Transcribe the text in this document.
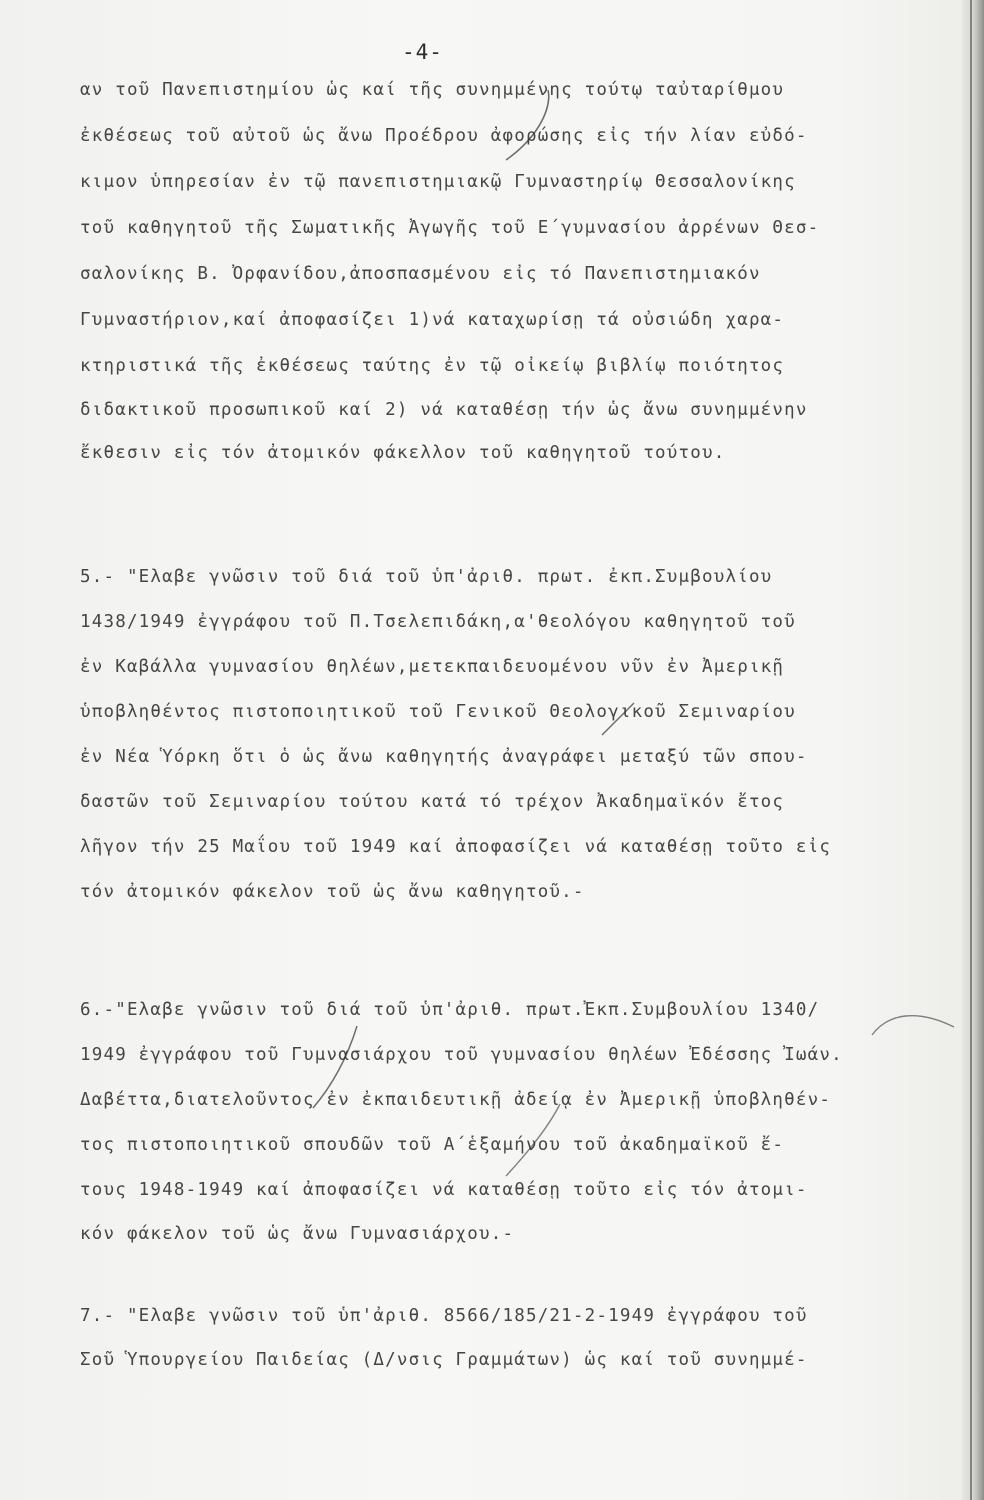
-4-
αν τοῦ Πανεπιστημίου ὡς καί τῆς συνημμένης τούτῳ ταὐταρίθμου
ἐκθέσεως τοῦ αὐτοῦ ὡς ἄνω Προέδρου ἀφορώσης εἰς τήν λίαν εὐδό-
κιμον ὑπηρεσίαν ἐν τῷ πανεπιστημιακῷ Γυμναστηρίῳ Θεσσαλονίκης
τοῦ καθηγητοῦ τῆς Σωματικῆς Ἀγωγῆς τοῦ Ε´γυμνασίου ἀρρένων Θεσ-
σαλονίκης Β. Ὀρφανίδου,ἀποσπασμένου εἰς τό Πανεπιστημιακόν
Γυμναστήριον,καί ἀποφασίζει 1)νά καταχωρίσῃ τά οὐσιώδη χαρα-
κτηριστικά τῆς ἐκθέσεως ταύτης ἐν τῷ οἰκείῳ βιβλίῳ ποιότητος
διδακτικοῦ προσωπικοῦ καί 2) νά καταθέσῃ τήν ὡς ἄνω συνημμένην
ἔκθεσιν εἰς τόν ἀτομικόν φάκελλον τοῦ καθηγητοῦ τούτου.
5.- "Ελαβε γνῶσιν τοῦ διά τοῦ ὑπ'ἀριθ. πρωτ. ἐκπ.Συμβουλίου
1438/1949 ἐγγράφου τοῦ Π.Τσελεπιδάκη,α'θεολόγου καθηγητοῦ τοῦ
ἐν Καβάλλα γυμνασίου θηλέων,μετεκπαιδευομένου νῦν ἐν Ἀμερικῇ
ὑποβληθέντος πιστοποιητικοῦ τοῦ Γενικοῦ Θεολογικοῦ Σεμιναρίου
ἐν Νέα Ὑόρκη ὅτι ὁ ὡς ἄνω καθηγητής ἀναγράφει μεταξύ τῶν σπου-
δαστῶν τοῦ Σεμιναρίου τούτου κατά τό τρέχον Ἀκαδημαϊκόν ἔτος
λῆγον τήν 25 Μαΐου τοῦ 1949 καί ἀποφασίζει νά καταθέσῃ τοῦτο εἰς
τόν ἀτομικόν φάκελον τοῦ ὡς ἄνω καθηγητοῦ.-
6.-"Ελαβε γνῶσιν τοῦ διά τοῦ ὑπ'ἀριθ. πρωτ.Ἐκπ.Συμβουλίου 1340/
1949 ἐγγράφου τοῦ Γυμνασιάρχου τοῦ γυμνασίου θηλέων Ἐδέσσης Ἰωάν.
Δαβέττα,διατελοῦντος ἐν ἐκπαιδευτικῇ ἀδείᾳ ἐν Ἀμερικῇ ὑποβληθέν-
τος πιστοποιητικοῦ σπουδῶν τοῦ Α´ἑξαμήνου τοῦ ἀκαδημαϊκοῦ ἔ-
τους 1948-1949 καί ἀποφασίζει νά καταθέσῃ τοῦτο εἰς τόν ἀτομι-
κόν φάκελον τοῦ ὡς ἄνω Γυμνασιάρχου.-
7.- "Ελαβε γνῶσιν τοῦ ὑπ'ἀριθ. 8566/185/21-2-1949 ἐγγράφου τοῦ
Σοῦ Ὑπουργείου Παιδείας (Δ/νσις Γραμμάτων) ὡς καί τοῦ συνημμέ-
